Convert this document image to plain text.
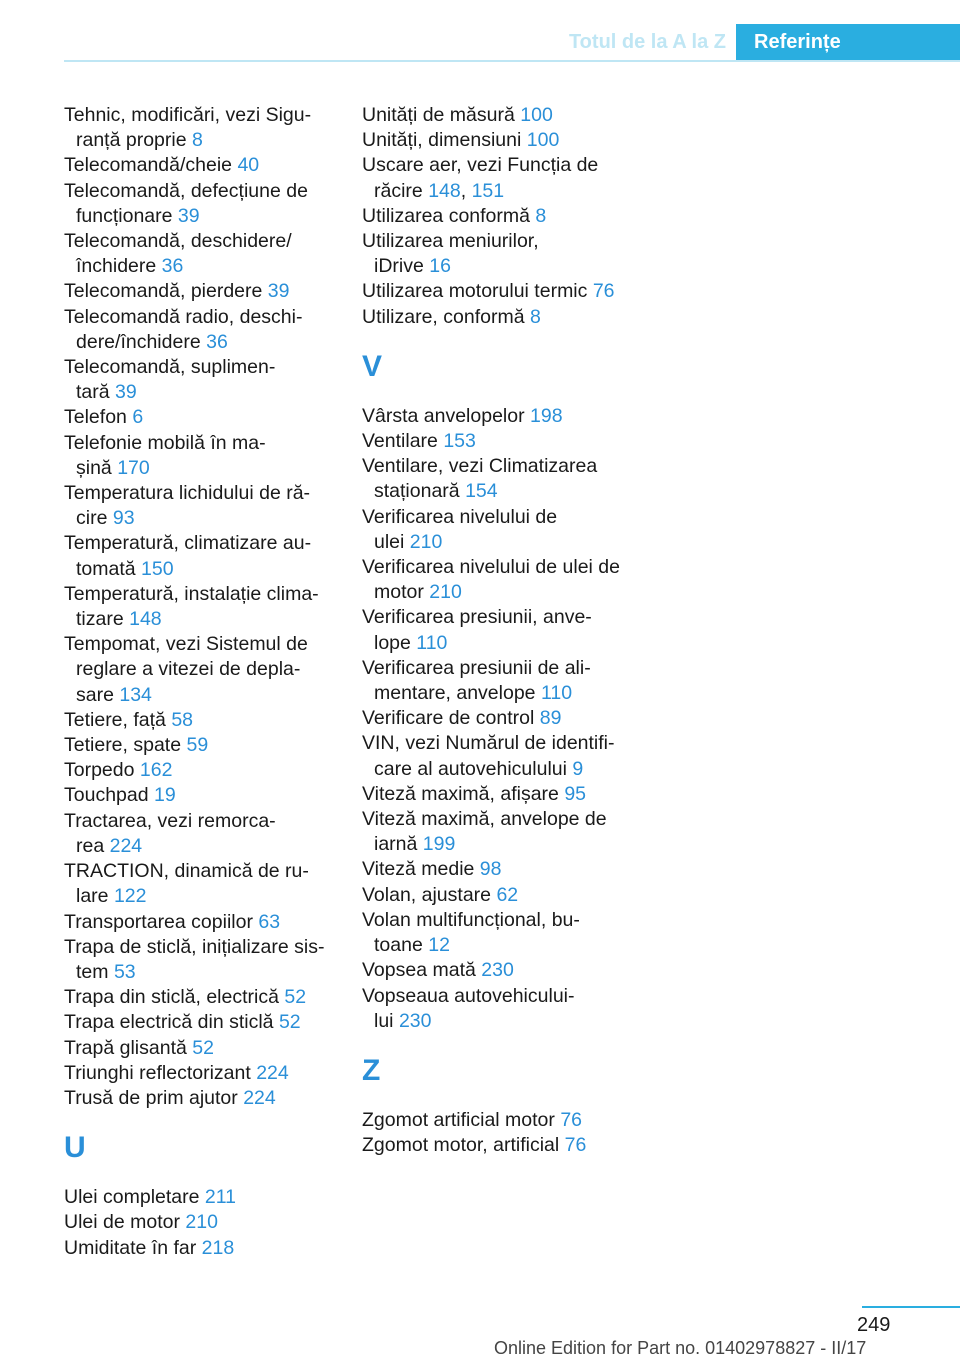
Totul de la A la Z	Referințe
Tehnic, modificări, vezi Sigu-
ranță proprie 8
Telecomandă/cheie 40
Telecomandă, defecțiune de
funcționare 39
Telecomandă, deschidere/
închidere 36
Telecomandă, pierdere 39
Telecomandă radio, deschi-
dere/închidere 36
Telecomandă, suplimen-
tară 39
Telefon 6
Telefonie mobilă în ma-
șină 170
Temperatura lichidului de ră-
cire 93
Temperatură, climatizare au-
tomată 150
Temperatură, instalație clima-
tizare 148
Tempomat, vezi Sistemul de
reglare a vitezei de depla-
sare 134
Tetiere, față 58
Tetiere, spate 59
Torpedo 162
Touchpad 19
Tractarea, vezi remorca-
rea 224
TRACTION, dinamică de ru-
lare 122
Transportarea copiilor 63
Trapa de sticlă, inițializare sis-
tem 53
Trapa din sticlă, electrică 52
Trapa electrică din sticlă 52
Trapă glisantă 52
Triunghi reflectorizant 224
Trusă de prim ajutor 224
U
Ulei completare 211
Ulei de motor 210
Umiditate în far 218
Unități de măsură 100
Unități, dimensiuni 100
Uscare aer, vezi Funcția de
răcire 148, 151
Utilizarea conformă 8
Utilizarea meniurilor,
iDrive 16
Utilizarea motorului termic 76
Utilizare, conformă 8
V
Vârsta anvelopelor 198
Ventilare 153
Ventilare, vezi Climatizarea
staționară 154
Verificarea nivelului de
ulei 210
Verificarea nivelului de ulei de
motor 210
Verificarea presiunii, anve-
lope 110
Verificarea presiunii de ali-
mentare, anvelope 110
Verificare de control 89
VIN, vezi Numărul de identifi-
care al autovehiculului 9
Viteză maximă, afișare 95
Viteză maximă, anvelope de
iarnă 199
Viteză medie 98
Volan, ajustare 62
Volan multifuncțional, bu-
toane 12
Vopsea mată 230
Vopseaua autovehicului-
lui 230
Z
Zgomot artificial motor 76
Zgomot motor, artificial 76
249
Online Edition for Part no. 01402978827 - II/17
